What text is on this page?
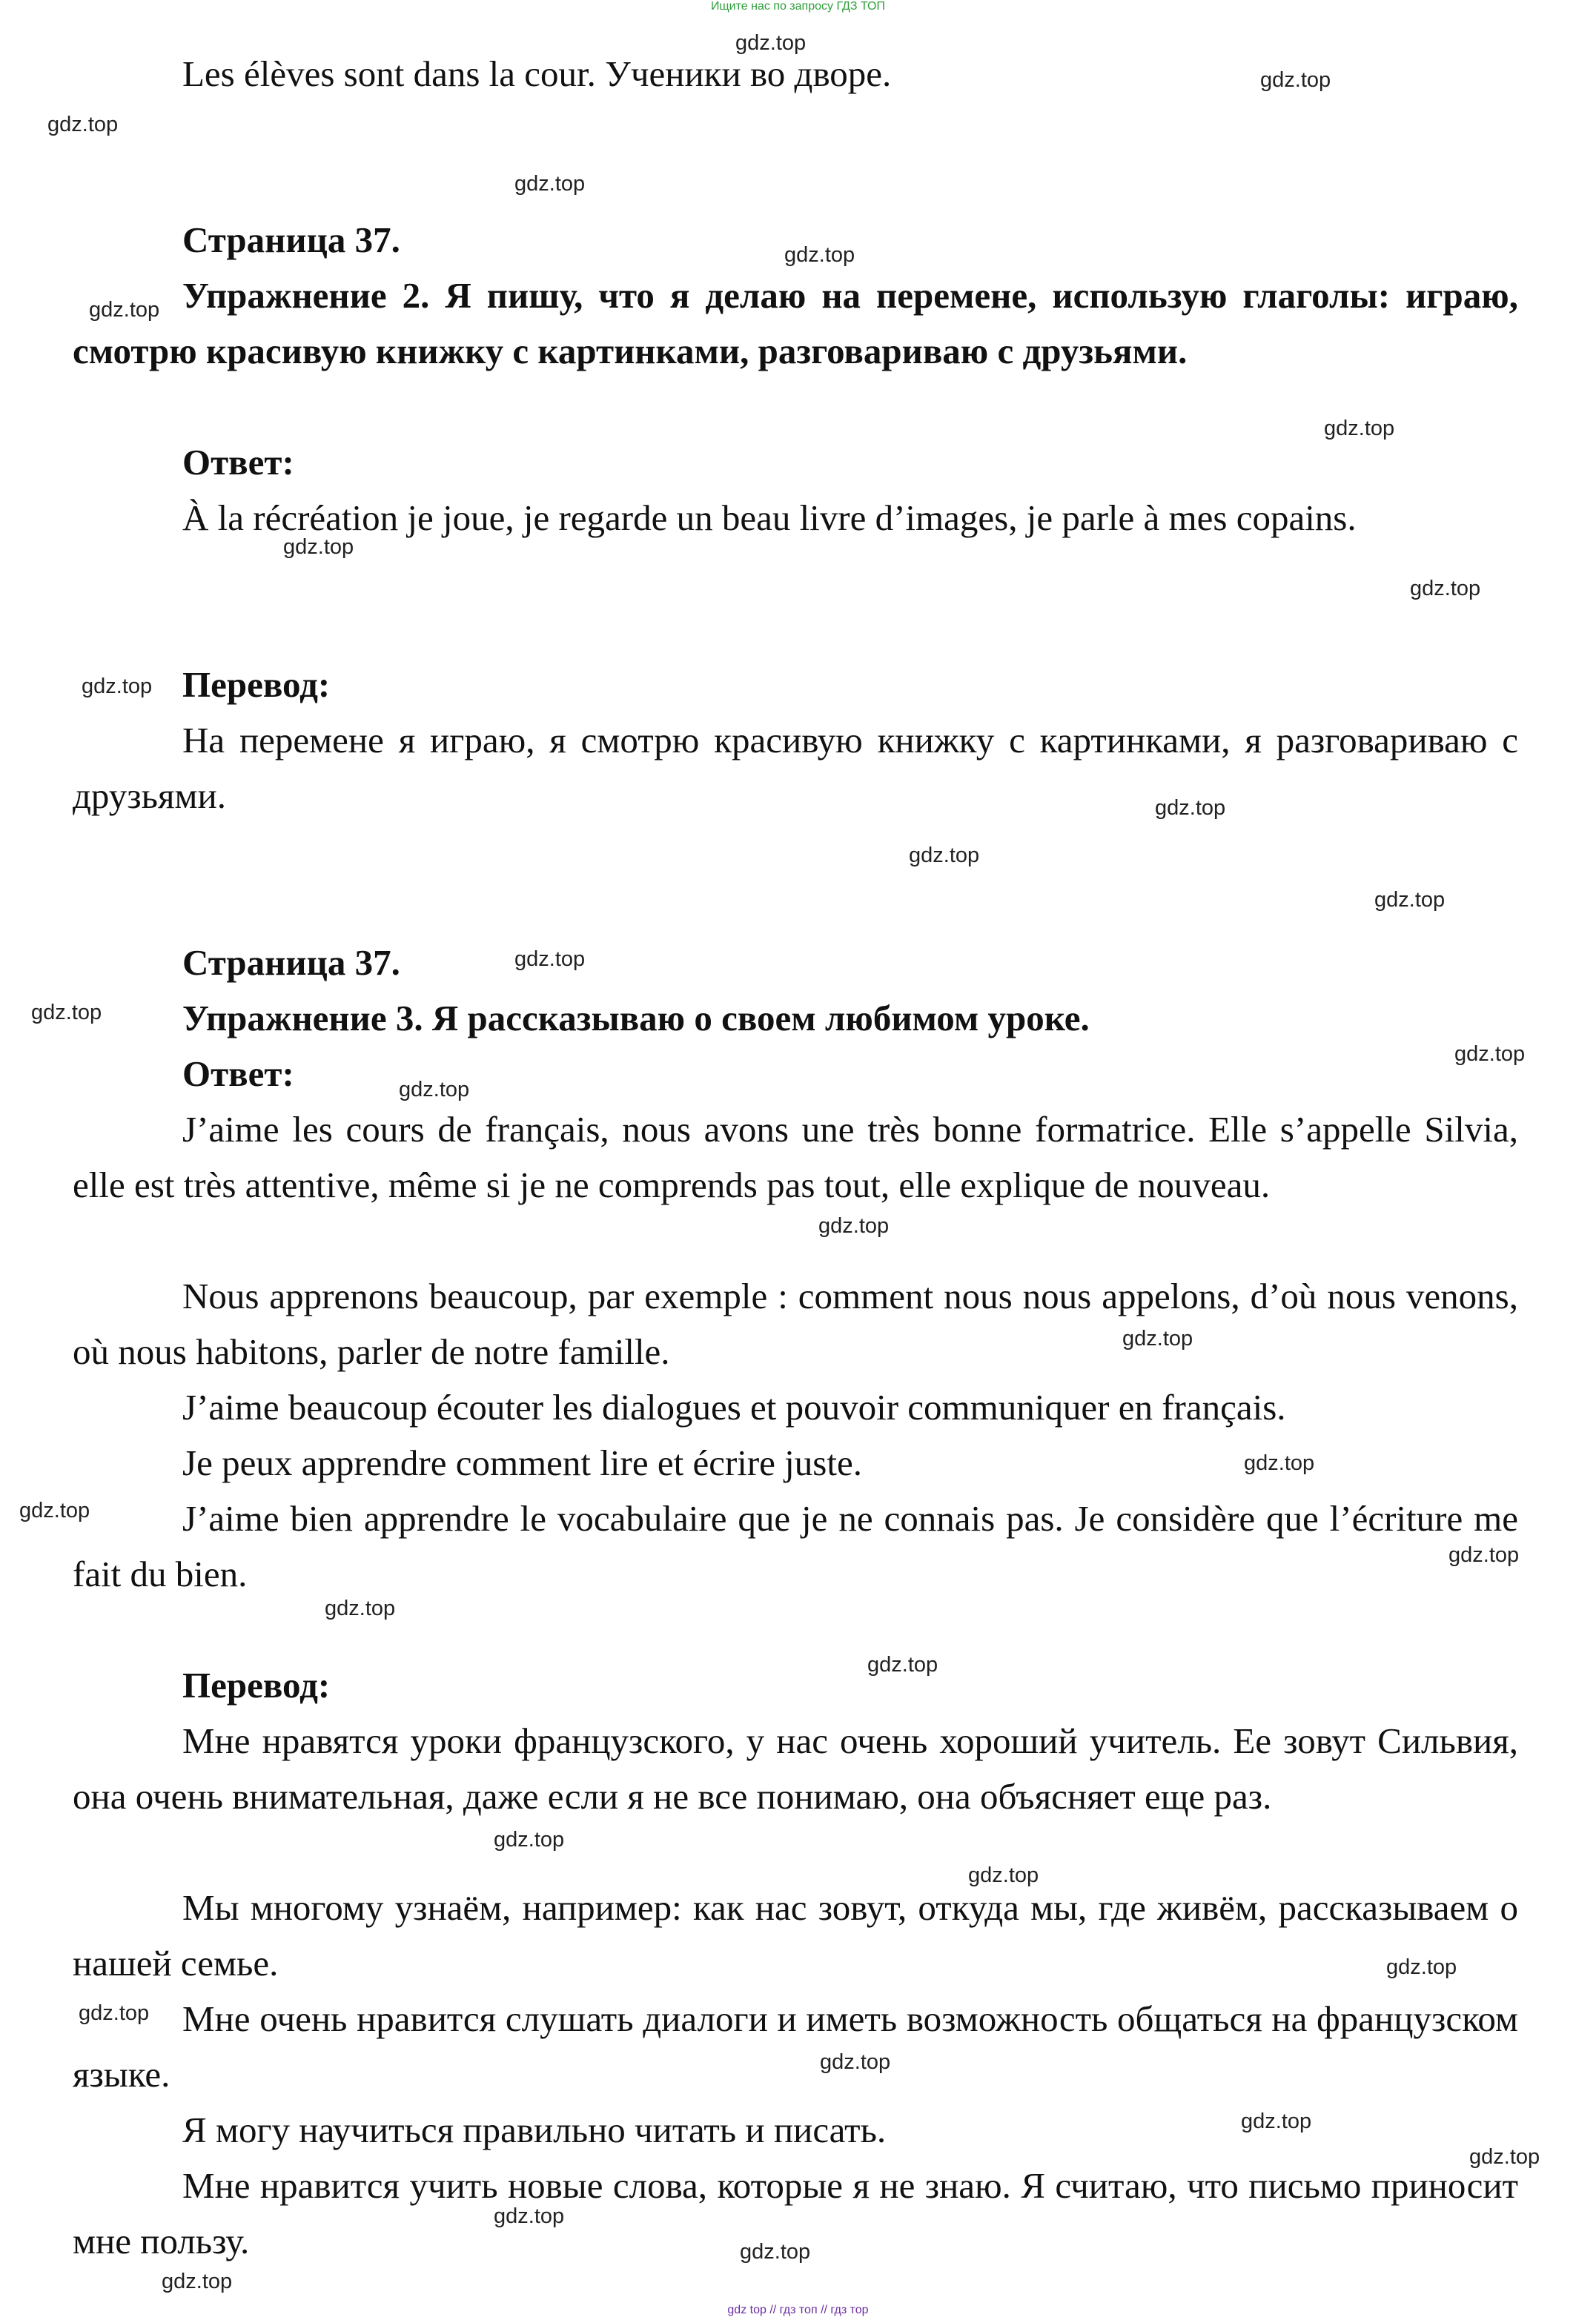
Ищите нас по запросу ГДЗ ТОП

Les élèves sont dans la cour. Ученики во дворе.

Страница 37.

Упражнение 2. Я пишу, что я делаю на перемене, использую глаголы: играю, смотрю красивую книжку с картинками, разговариваю с друзьями.

Ответ:

À la récréation je joue, je regarde un beau livre d’images, je parle à mes copains.

Перевод:

На перемене я играю, я смотрю красивую книжку с картинками, я разговариваю с друзьями.

Страница 37.

Упражнение 3. Я рассказываю о своем любимом уроке.

Ответ:

J’aime les cours de français, nous avons une très bonne formatrice. Elle s’appelle Silvia, elle est très attentive, même si je ne comprends pas tout, elle explique de nouveau.

Nous apprenons beaucoup, par exemple : comment nous nous appelons, d’où nous venons, où nous habitons, parler de notre famille.

J’aime beaucoup écouter les dialogues et pouvoir communiquer en français.

Je peux apprendre comment lire et écrire juste.

J’aime bien apprendre le vocabulaire que je ne connais pas. Je considère que l’écriture me fait du bien.

Перевод:

Мне нравятся уроки французского, у нас очень хороший учитель. Ее зовут Сильвия, она очень внимательная, даже если я не все понимаю, она объясняет еще раз.

Мы многому узнаём, например: как нас зовут, откуда мы, где живём, рассказываем о нашей семье.

Мне очень нравится слушать диалоги и иметь возможность общаться на французском языке.

Я могу научиться правильно читать и писать.

Мне нравится учить новые слова, которые я не знаю. Я считаю, что письмо приносит мне пользу.

gdz.top
gdz.top
gdz.top
gdz.top
gdz.top
gdz.top
gdz.top
gdz.top
gdz.top
gdz.top
gdz.top
gdz.top
gdz.top
gdz.top
gdz.top
gdz.top
gdz.top
gdz.top
gdz.top
gdz.top
gdz.top
gdz.top
gdz.top
gdz.top
gdz.top
gdz.top
gdz.top
gdz.top
gdz.top
gdz.top
gdz.top
gdz.top
gdz.top
gdz.top
gdz top // гдз топ // гдз тор
